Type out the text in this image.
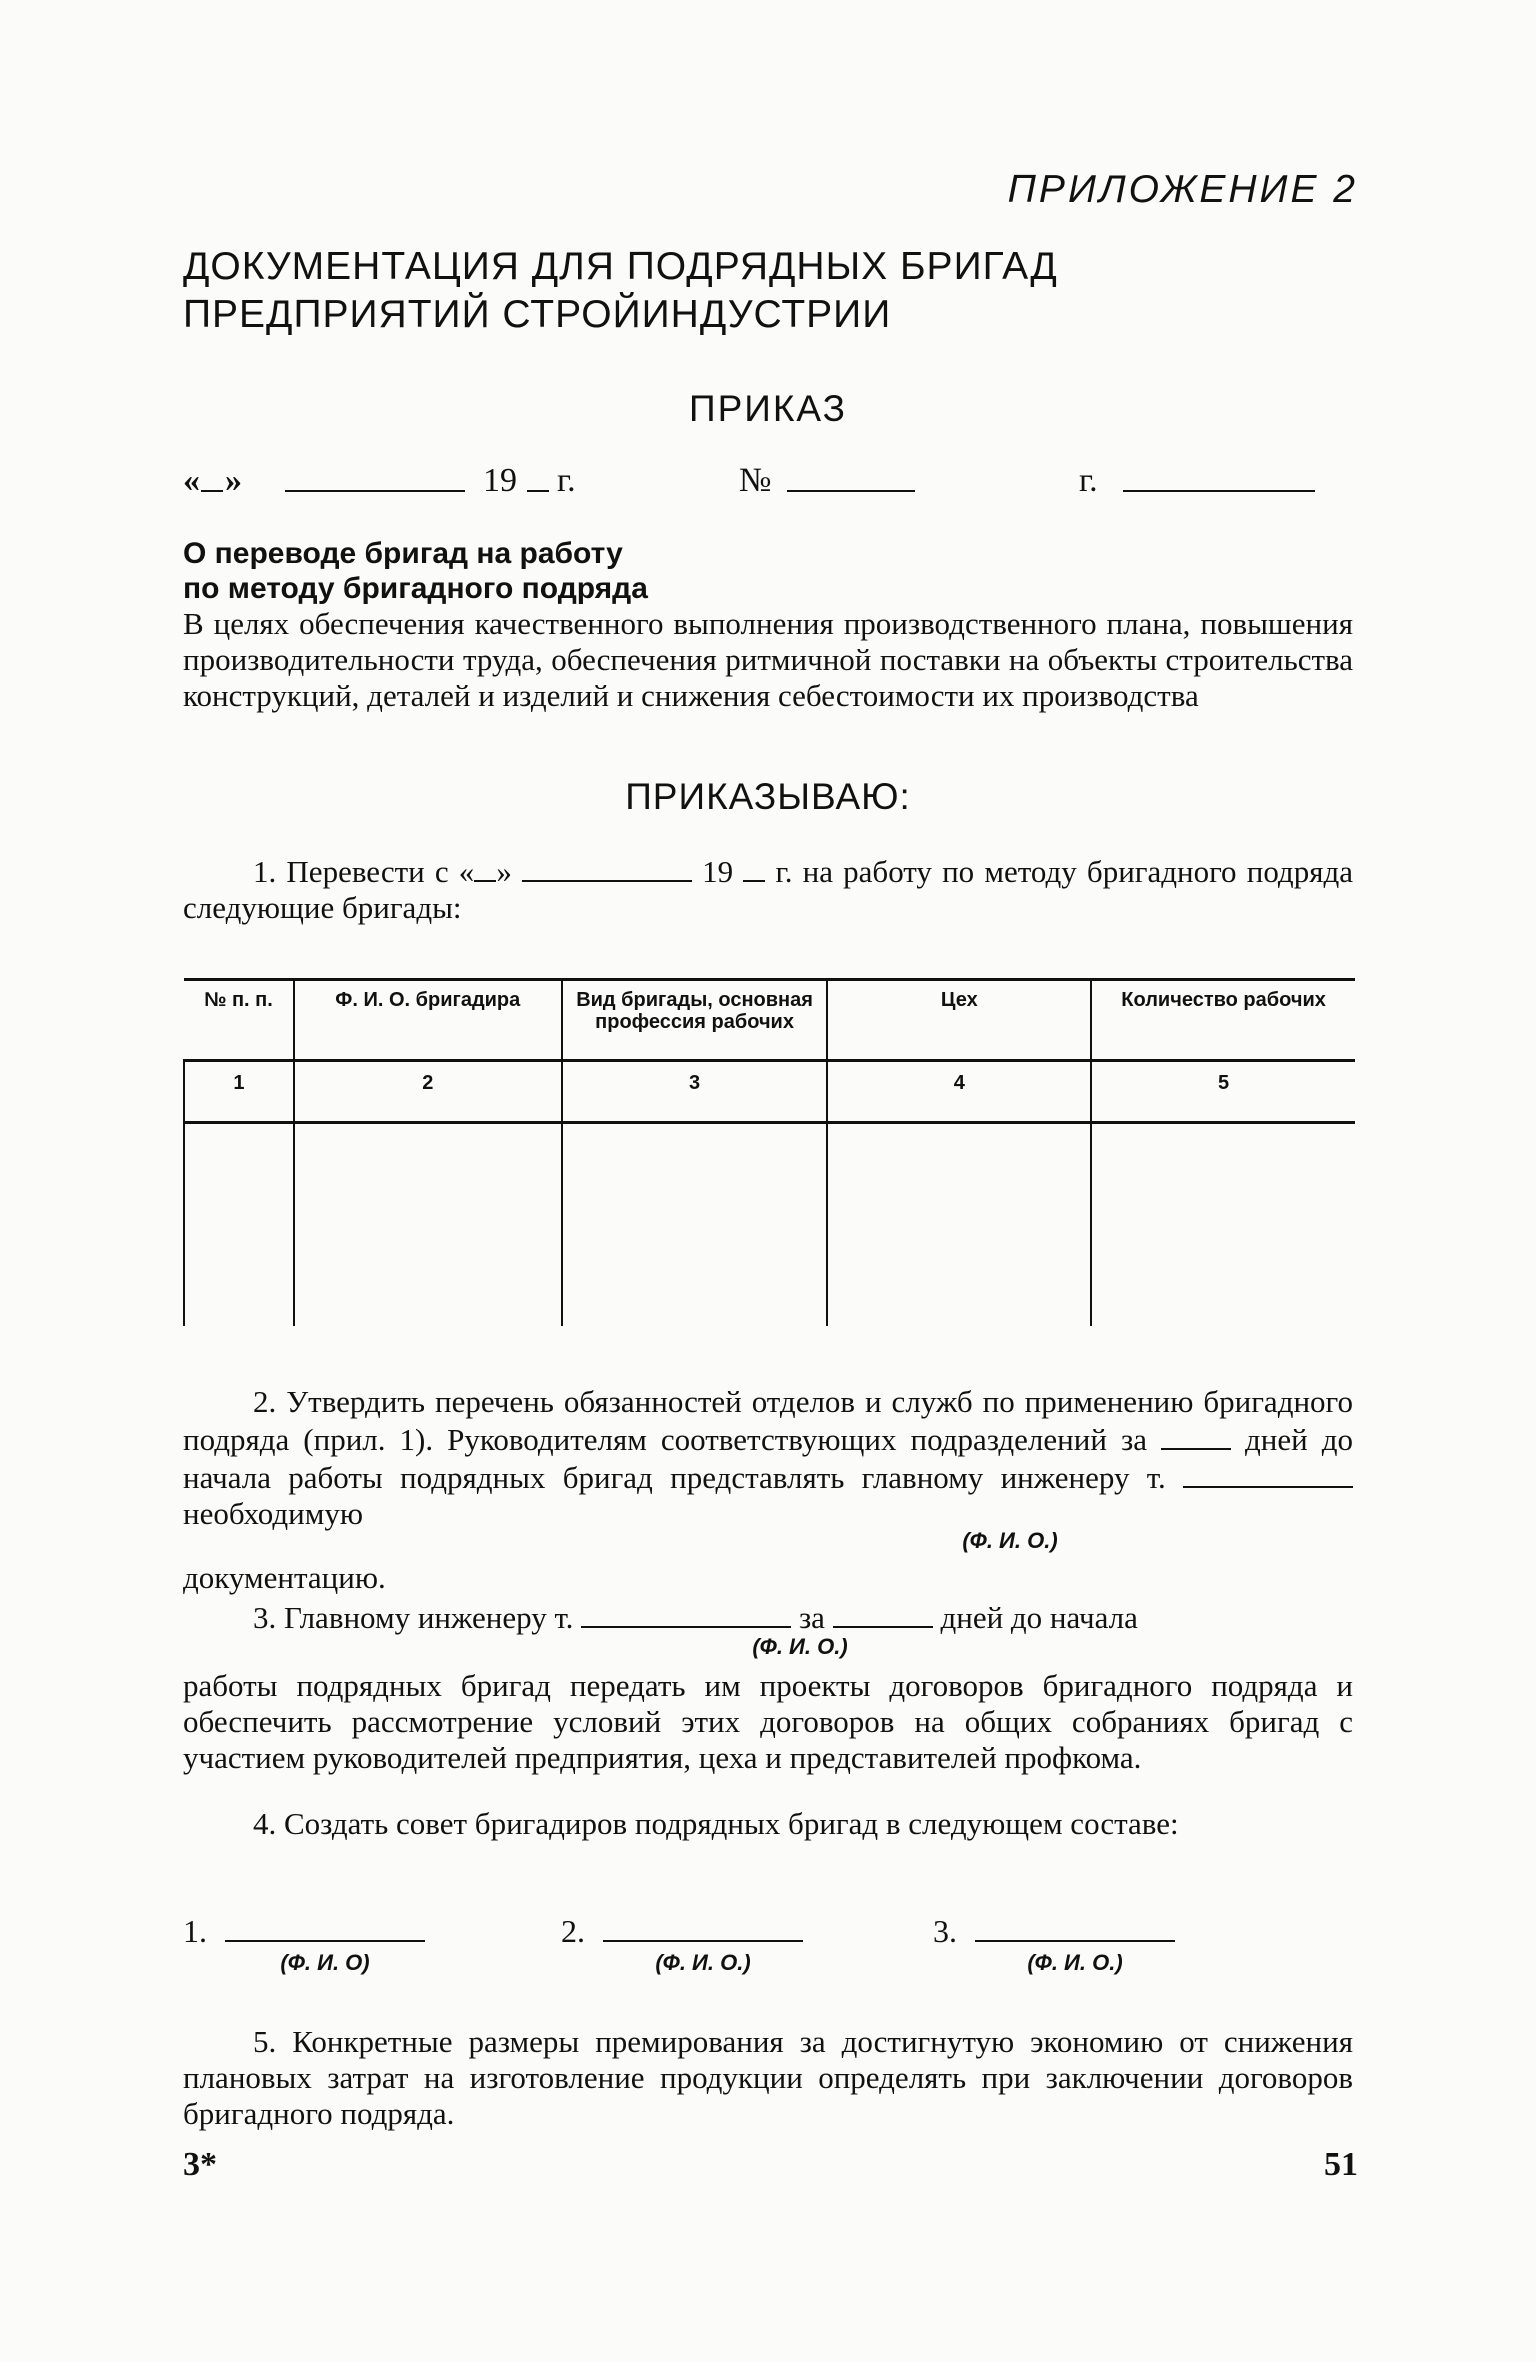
ПРИЛОЖЕНИЕ 2
ДОКУМЕНТАЦИЯ ДЛЯ ПОДРЯДНЫХ БРИГАД
ПРЕДПРИЯТИЙ СТРОЙИНДУСТРИИ
ПРИКАЗ
« »	19 г.	№	г.
О переводе бригад на работу
по методу бригадного подряда
В целях обеспечения качественного выполнения производственного плана, повышения производительности труда, обеспечения ритмичной поставки на объекты строительства конструкций, деталей и изделий и снижения себестоимости их производства
ПРИКАЗЫВАЮ:
1. Перевести с « »	19 г. на работу по методу бригадного подряда следующие бригады:
№ п. п.	Ф. И. О. бригадира	Вид бригады, основная профессия рабочих	Цех	Количество рабочих
1	2	3	4	5

2. Утвердить перечень обязанностей отделов и служб по применению бригадного подряда (прил. 1). Руководителям соответствующих подразделений за	дней до начала работы подрядных бригад представлять главному инженеру т.  необходимую
(Ф. И. О.)
документацию.
3. Главному инженеру т.	за	дней до начала
(Ф. И. О.)
работы подрядных бригад передать им проекты договоров бригадного подряда и обеспечить рассмотрение условий этих договоров на общих собраниях бригад с участием руководителей предприятия, цеха и представителей профкома.
4. Создать совет бригадиров подрядных бригад в следующем составе:
1.
(Ф. И. О)
2.
(Ф. И. О.)
3.
(Ф. И. О.)
5. Конкретные размеры премирования за достигнутую экономию от снижения плановых затрат на изготовление продукции определять при заключении договоров бригадного подряда.
3*	51
